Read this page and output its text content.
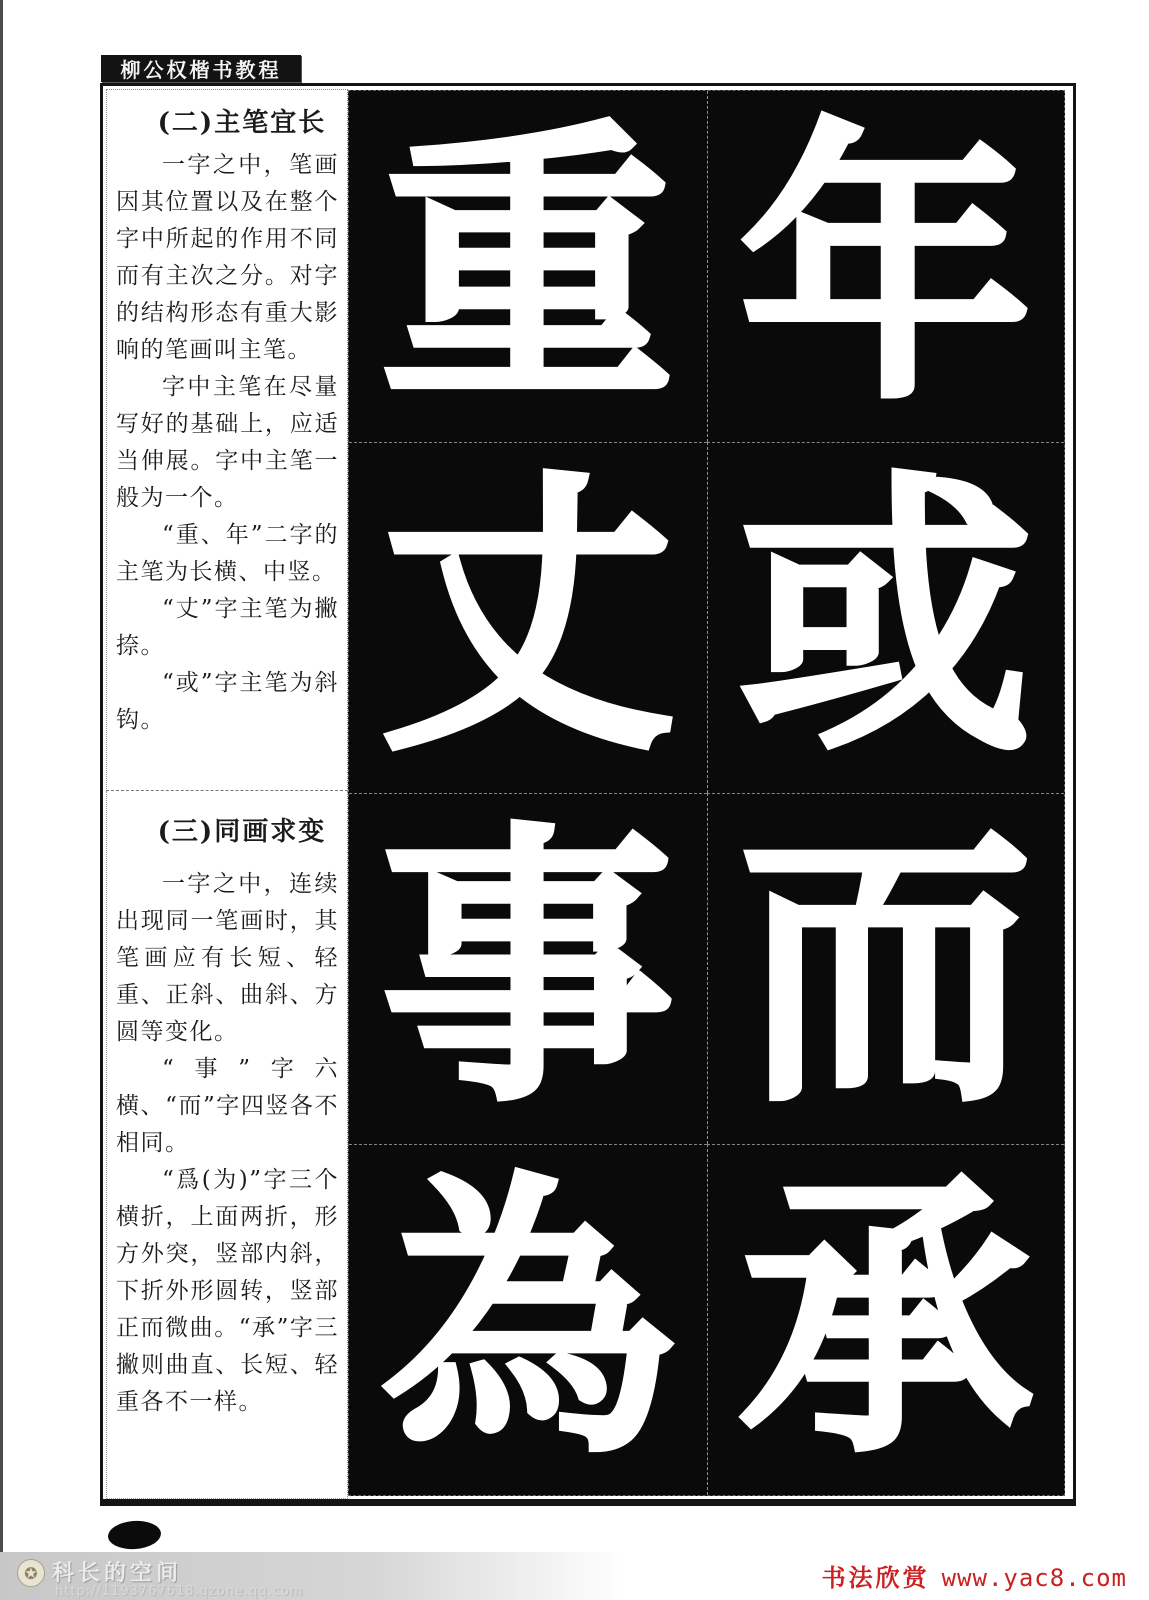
柳公权楷书教程
(二)主笔宜长

一字之中，笔画因其位置以及在整个字中所起的作用不同而有主次之分。对字的结构形态有重大影响的笔画叫主笔。

字中主笔在尽量写好的基础上，应适当伸展。字中主笔一般为一个。

“重、年”二字的主笔为长横、中竖。

“丈”字主笔为撇捺。

“或”字主笔为斜钩。

(三)同画求变

一字之中，连续出现同一笔画时，其笔画应有长短、轻重、正斜、曲斜、方圆等变化。

“事”字六横、“而”字四竖各不相同。

“爲(为)”字三个横折，上面两折，形方外突，竖部内斜，下折外形圆转，竖部正而微曲。“承”字三撇则曲直、长短、轻重各不一样。

重 年
丈 或
事 而
為 承
✪ 科长的空间
http://1193767618.qzone.qq.com	书法欣赏 www.yac8.com
